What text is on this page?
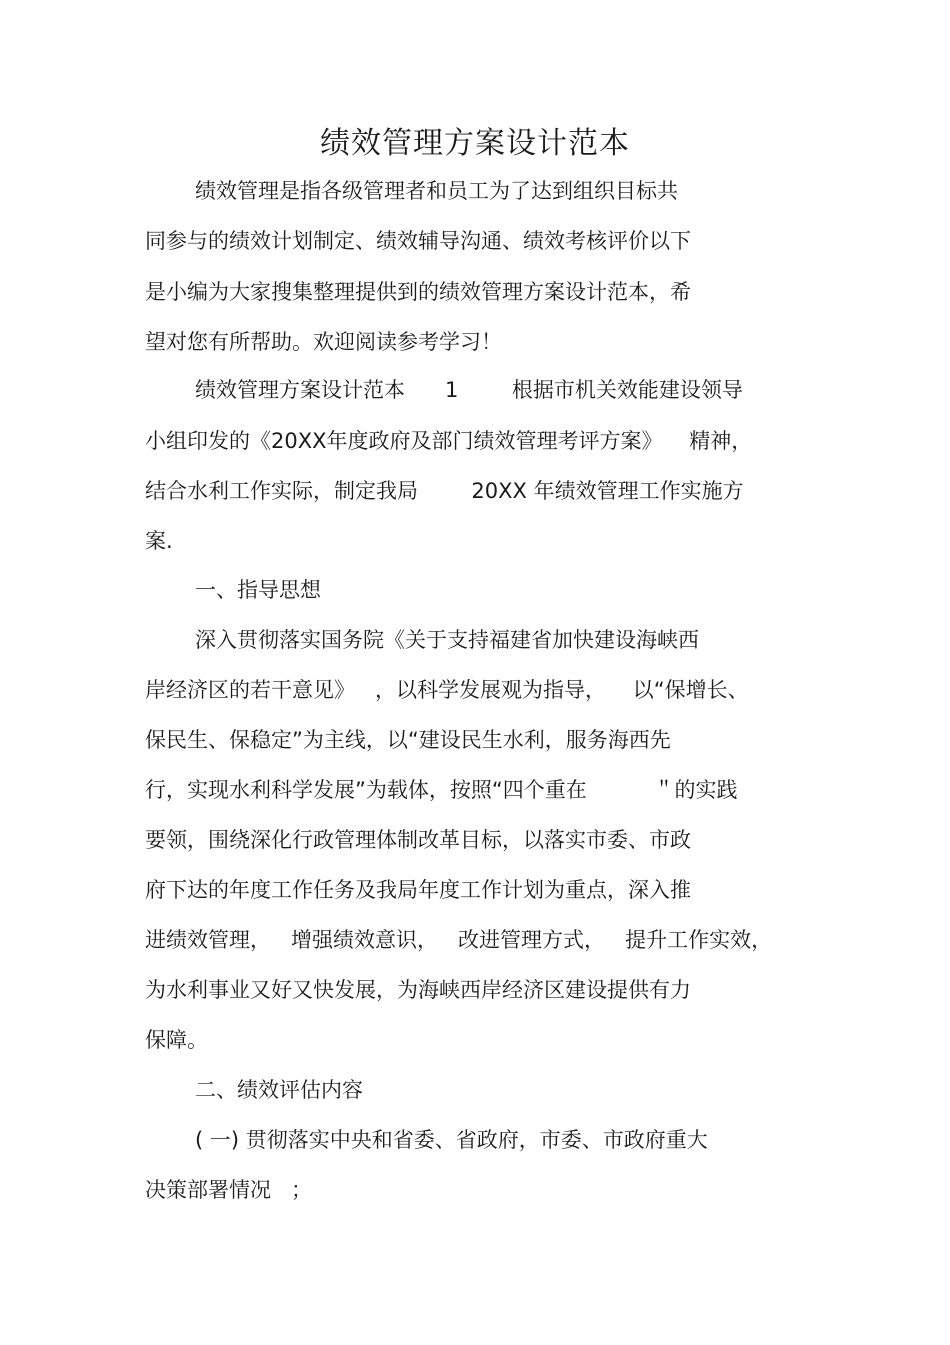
绩效管理方案设计范本
绩效管理是指各级管理者和员工为了达到组织目标共
同参与的绩效计划制定、绩效辅导沟通、绩效考核评价以下
是小编为大家搜集整理提供到的绩效管理方案设计范本，希
望对您有所帮助。欢迎阅读参考学习！
绩效管理方案设计范本      1        根据市机关效能建设领导
小组印发的《20XX年度政府及部门绩效管理考评方案》    精神，
结合水利工作实际，制定我局        20XX 年绩效管理工作实施方
案.
一、指导思想
深入贯彻落实国务院《关于支持福建省加快建设海峡西
岸经济区的若干意见》   ，以科学发展观为指导，    以“保增长、
保民生、保稳定”为主线，以“建设民生水利，服务海西先
行，实现水利科学发展”为载体，按照“四个重在          ＂的实践
要领，围绕深化行政管理体制改革目标，以落实市委、市政
府下达的年度工作任务及我局年度工作计划为重点，深入推
进绩效管理，   增强绩效意识，   改进管理方式，   提升工作实效，
为水利事业又好又快发展，为海峡西岸经济区建设提供有力
保障。
二、绩效评估内容
( 一) 贯彻落实中央和省委、省政府，市委、市政府重大
决策部署情况   ；
